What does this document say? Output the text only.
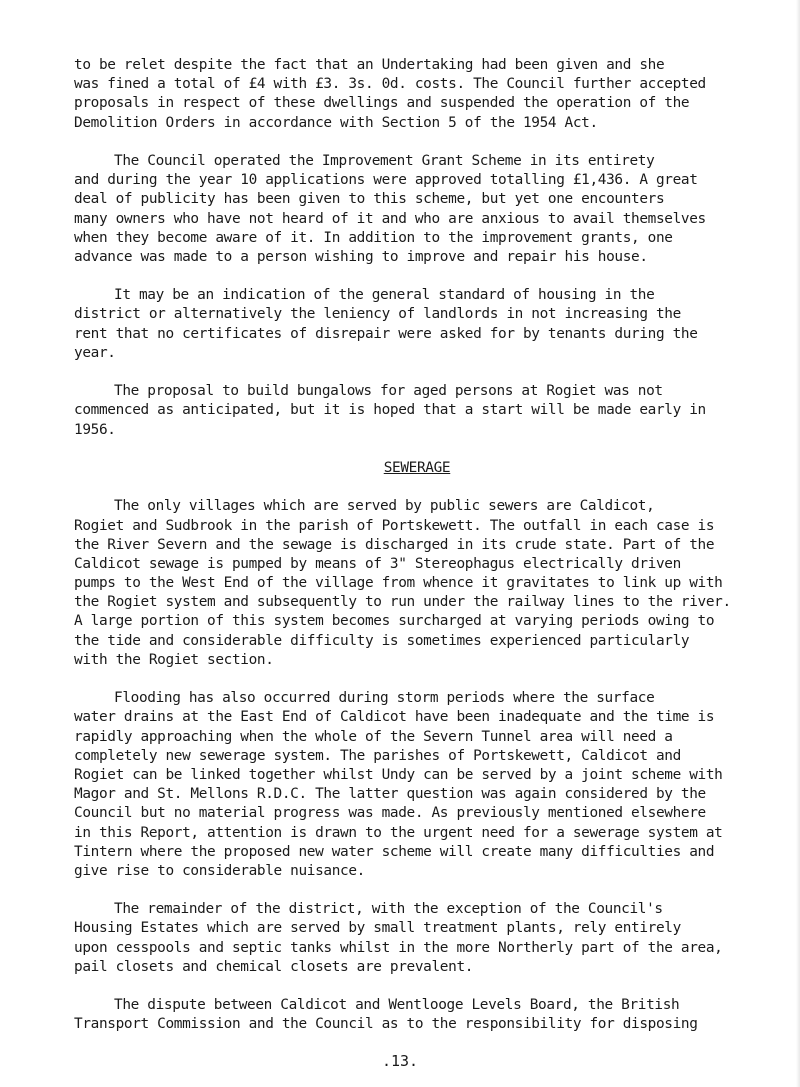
to be relet despite the fact that an Undertaking had been given and she
was fined a total of £4 with £3. 3s. 0d. costs. The Council further accepted
proposals in respect of these dwellings and suspended the operation of the
Demolition Orders in accordance with Section 5 of the 1954 Act.
The Council operated the Improvement Grant Scheme in its entirety
and during the year 10 applications were approved totalling £1,436. A great
deal of publicity has been given to this scheme, but yet one encounters
many owners who have not heard of it and who are anxious to avail themselves
when they become aware of it. In addition to the improvement grants, one
advance was made to a person wishing to improve and repair his house.
It may be an indication of the general standard of housing in the
district or alternatively the leniency of landlords in not increasing the
rent that no certificates of disrepair were asked for by tenants during the
year.
The proposal to build bungalows for aged persons at Rogiet was not
commenced as anticipated, but it is hoped that a start will be made early in
1956.
SEWERAGE
The only villages which are served by public sewers are Caldicot,
Rogiet and Sudbrook in the parish of Portskewett. The outfall in each case is
the River Severn and the sewage is discharged in its crude state. Part of the
Caldicot sewage is pumped by means of 3" Stereophagus electrically driven
pumps to the West End of the village from whence it gravitates to link up with
the Rogiet system and subsequently to run under the railway lines to the river.
A large portion of this system becomes surcharged at varying periods owing to
the tide and considerable difficulty is sometimes experienced particularly
with the Rogiet section.
Flooding has also occurred during storm periods where the surface
water drains at the East End of Caldicot have been inadequate and the time is
rapidly approaching when the whole of the Severn Tunnel area will need a
completely new sewerage system. The parishes of Portskewett, Caldicot and
Rogiet can be linked together whilst Undy can be served by a joint scheme with
Magor and St. Mellons R.D.C. The latter question was again considered by the
Council but no material progress was made. As previously mentioned elsewhere
in this Report, attention is drawn to the urgent need for a sewerage system at
Tintern where the proposed new water scheme will create many difficulties and
give rise to considerable nuisance.
The remainder of the district, with the exception of the Council's
Housing Estates which are served by small treatment plants, rely entirely
upon cesspools and septic tanks whilst in the more Northerly part of the area,
pail closets and chemical closets are prevalent.
The dispute between Caldicot and Wentlooge Levels Board, the British
Transport Commission and the Council as to the responsibility for disposing
.13.
